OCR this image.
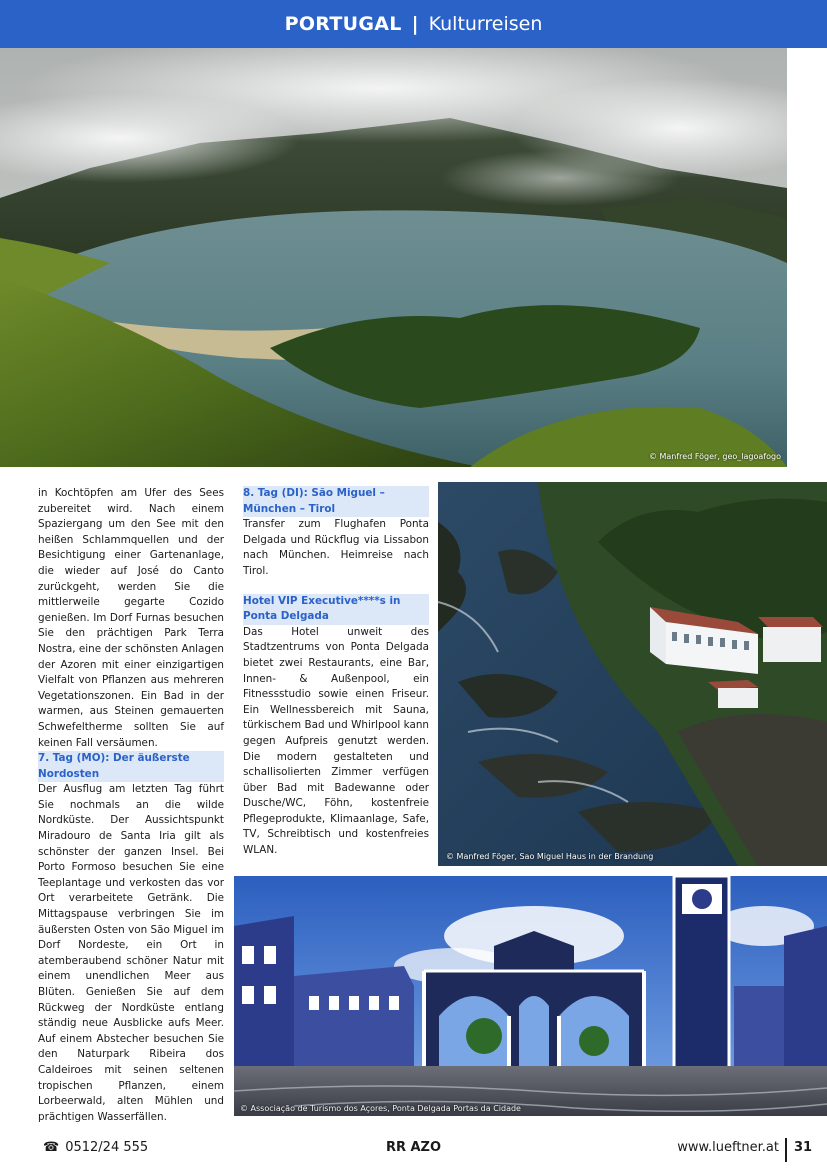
PORTUGAL | Kulturreisen
© Manfred Föger, geo_lagoafogo

in Kochtöpfen am Ufer des Sees zubereitet wird. Nach einem Spaziergang um den See mit den heißen Schlammquellen und der Besichtigung einer Gartenanlage, die wieder auf José do Canto zurückgeht, werden Sie die mittlerweile gegarte Cozido genießen. Im Dorf Furnas besuchen Sie den prächtigen Park Terra Nostra, eine der schönsten Anlagen der Azoren mit einer einzigartigen Vielfalt von Pflanzen aus mehreren Vegetationszonen. Ein Bad in der warmen, aus Steinen gemauerten Schwefeltherme sollten Sie auf keinen Fall versäumen.

7. Tag (MO): Der äußerste Nordosten

Der Ausflug am letzten Tag führt Sie nochmals an die wilde Nordküste. Der Aussichtspunkt Miradouro de Santa Iria gilt als schönster der ganzen Insel. Bei Porto Formoso besuchen Sie eine Teeplantage und verkosten das vor Ort verarbeitete Getränk. Die Mittagspause verbringen Sie im äußersten Osten von São Miguel im Dorf Nordeste, ein Ort in atemberaubend schöner Natur mit einem unendlichen Meer aus Blüten. Genießen Sie auf dem Rückweg der Nordküste entlang ständig neue Ausblicke aufs Meer. Auf einem Abstecher besuchen Sie den Naturpark Ribeira dos Caldeiroes mit seinen seltenen tropischen Pflanzen, einem Lorbeerwald, alten Mühlen und prächtigen Wasserfällen.

8. Tag (DI): São Miguel – München – Tirol

Transfer zum Flughafen Ponta Delgada und Rückflug via Lissabon nach München. Heimreise nach Tirol.

Hotel VIP Executive****s in Ponta Delgada

Das Hotel unweit des Stadtzentrums von Ponta Delgada bietet zwei Restaurants, eine Bar, Innen- & Außenpool, ein Fitnessstudio sowie einen Friseur. Ein Wellnessbereich mit Sauna, türkischem Bad und Whirlpool kann gegen Aufpreis genutzt werden. Die modern gestalteten und schallisolierten Zimmer verfügen über Bad mit Badewanne oder Dusche/WC, Föhn, kostenfreie Pflegeprodukte, Klimaanlage, Safe, TV, Schreibtisch und kostenfreies WLAN.

© Manfred Föger, Sao Miguel Haus in der Brandung
© Associação de Turismo dos Açores, Ponta Delgada Portas da Cidade
☎ 0512/24 555	RR AZO	www.lueftner.at 31
